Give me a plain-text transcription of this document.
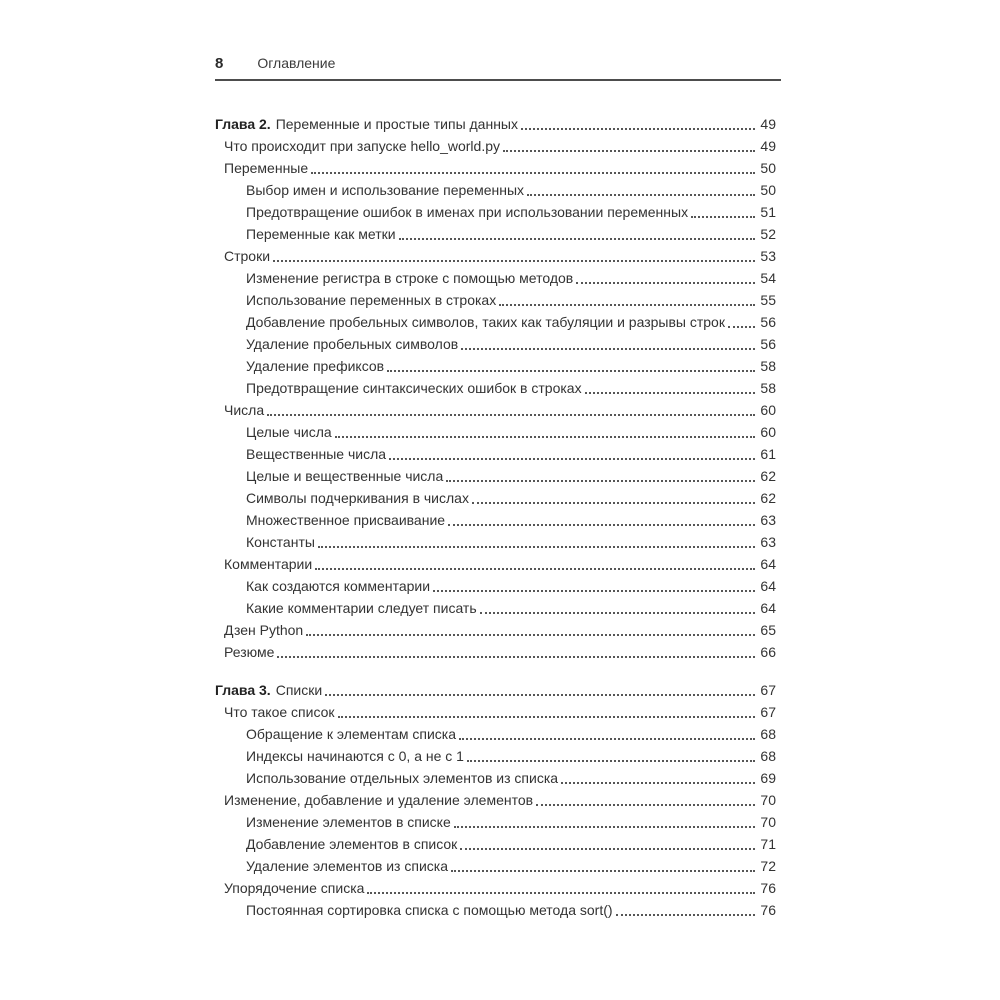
8 Оглавление
Глава 2. Переменные и простые типы данных	49
Что происходит при запуске hello_world.py	49
Переменные	50
Выбор имен и использование переменных	50
Предотвращение ошибок в именах при использовании переменных	51
Переменные как метки	52
Строки	53
Изменение регистра в строке с помощью методов	54
Использование переменных в строках	55
Добавление пробельных символов, таких как табуляции и разрывы строк	56
Удаление пробельных символов	56
Удаление префиксов	58
Предотвращение синтаксических ошибок в строках	58
Числа	60
Целые числа	60
Вещественные числа	61
Целые и вещественные числа	62
Символы подчеркивания в числах	62
Множественное присваивание	63
Константы	63
Комментарии	64
Как создаются комментарии	64
Какие комментарии следует писать	64
Дзен Python	65
Резюме	66
Глава 3. Списки	67
Что такое список	67
Обращение к элементам списка	68
Индексы начинаются с 0, а не с 1	68
Использование отдельных элементов из списка	69
Изменение, добавление и удаление элементов	70
Изменение элементов в списке	70
Добавление элементов в список	71
Удаление элементов из списка	72
Упорядочение списка	76
Постоянная сортировка списка с помощью метода sort()	76
